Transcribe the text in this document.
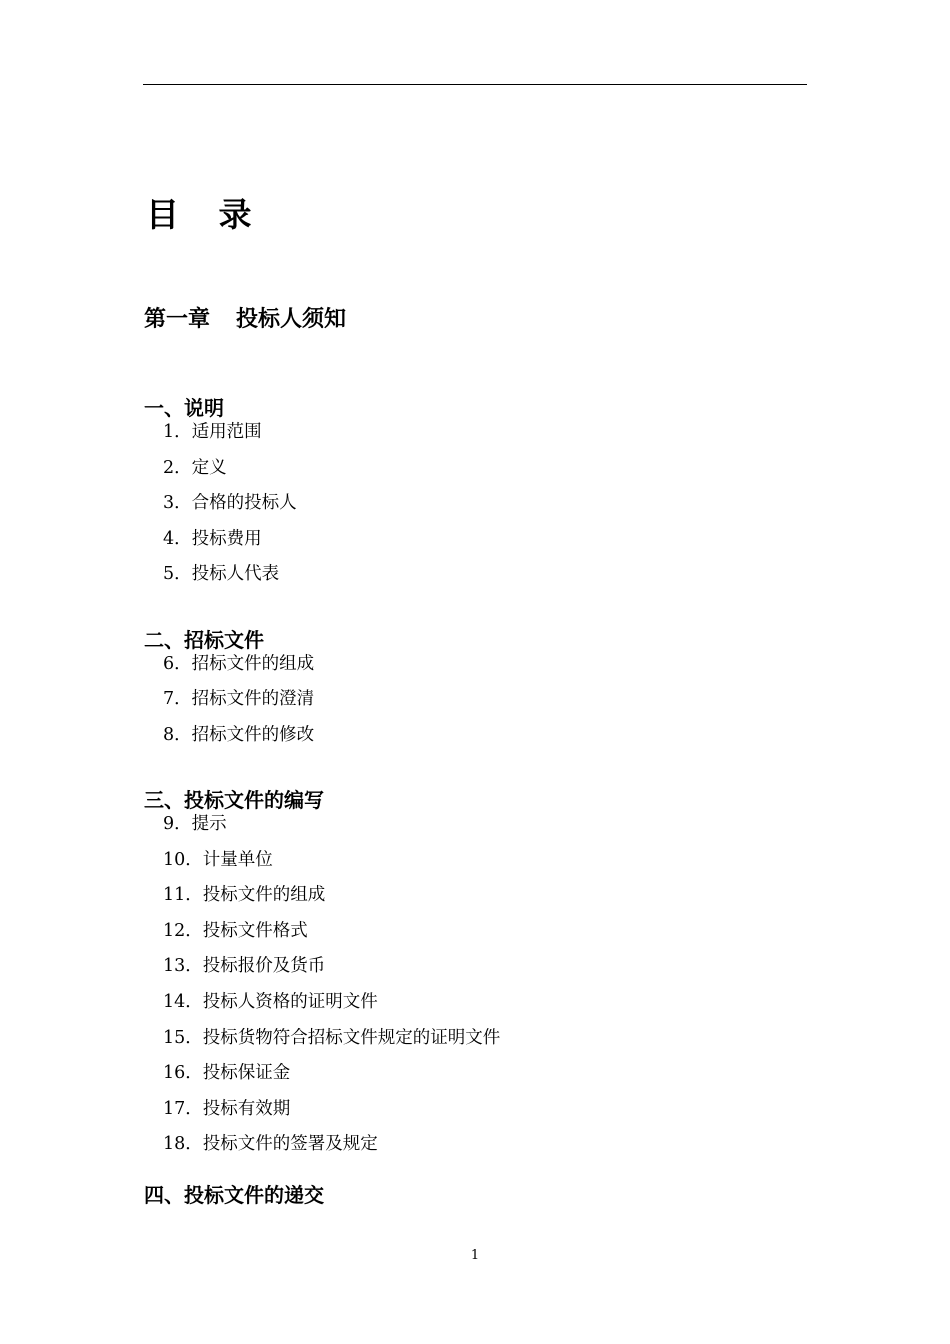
目 录
第一章 投标人须知
一、说明
1．适用范围
2．定义
3．合格的投标人
4．投标费用
5．投标人代表
二、招标文件
6．招标文件的组成
7．招标文件的澄清
8．招标文件的修改
三、投标文件的编写
9．提示
10．计量单位
11．投标文件的组成
12．投标文件格式
13．投标报价及货币
14．投标人资格的证明文件
15．投标货物符合招标文件规定的证明文件
16．投标保证金
17．投标有效期
18．投标文件的签署及规定
四、投标文件的递交
1
